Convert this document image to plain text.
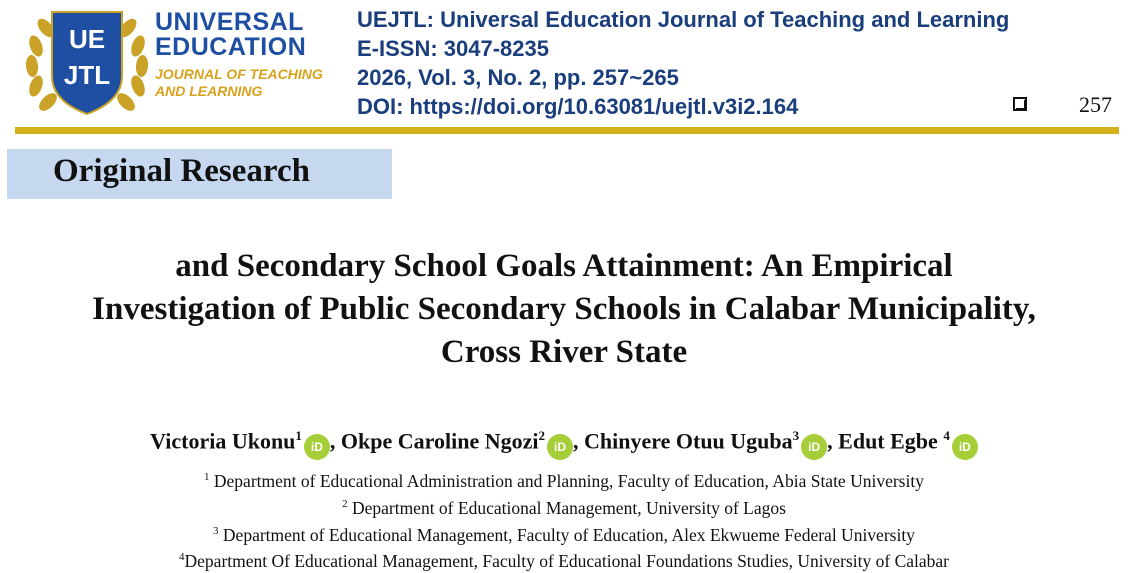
UE
JTL
UNIVERSAL
EDUCATION
JOURNAL OF TEACHING
AND LEARNING
UEJTL: Universal Education Journal of Teaching and Learning
E-ISSN: 3047-8235
2026, Vol. 3, No. 2, pp. 257~265
DOI: https://doi.org/10.63081/uejtl.v3i2.164	257
Original Research
and Secondary School Goals Attainment: An Empirical
Investigation of Public Secondary Schools in Calabar Municipality,
Cross River State
Victoria Ukonu$^1$iD , Okpe Caroline Ngozi$^2$iD , Chinyere Otuu Uguba$^3$iD , Edut Egbe $^4$iD
$^1$ Department of Educational Administration and Planning, Faculty of Education, Abia State University
$^2$ Department of Educational Management, University of Lagos
$^3$ Department of Educational Management, Faculty of Education, Alex Ekwueme Federal University
$^4$Department Of Educational Management, Faculty of Educational Foundations Studies, University of Calabar
